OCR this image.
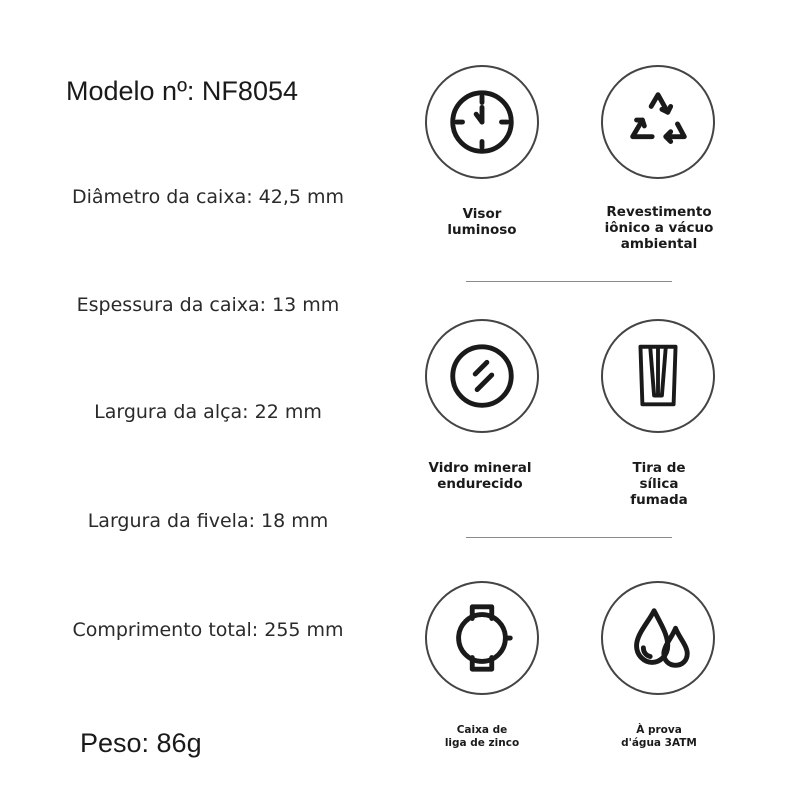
Modelo nº: NF8054
Diâmetro da caixa: 42,5 mm
Espessura da caixa: 13 mm
Largura da alça: 22 mm
Largura da fivela: 18 mm
Comprimento total: 255 mm
Peso: 86g
Visor
luminoso
Revestimento
iônico a vácuo
ambiental
Vidro mineral
endurecido
Tira de
sílica
fumada
Caixa de
liga de zinco
À prova
d'água 3ATM
